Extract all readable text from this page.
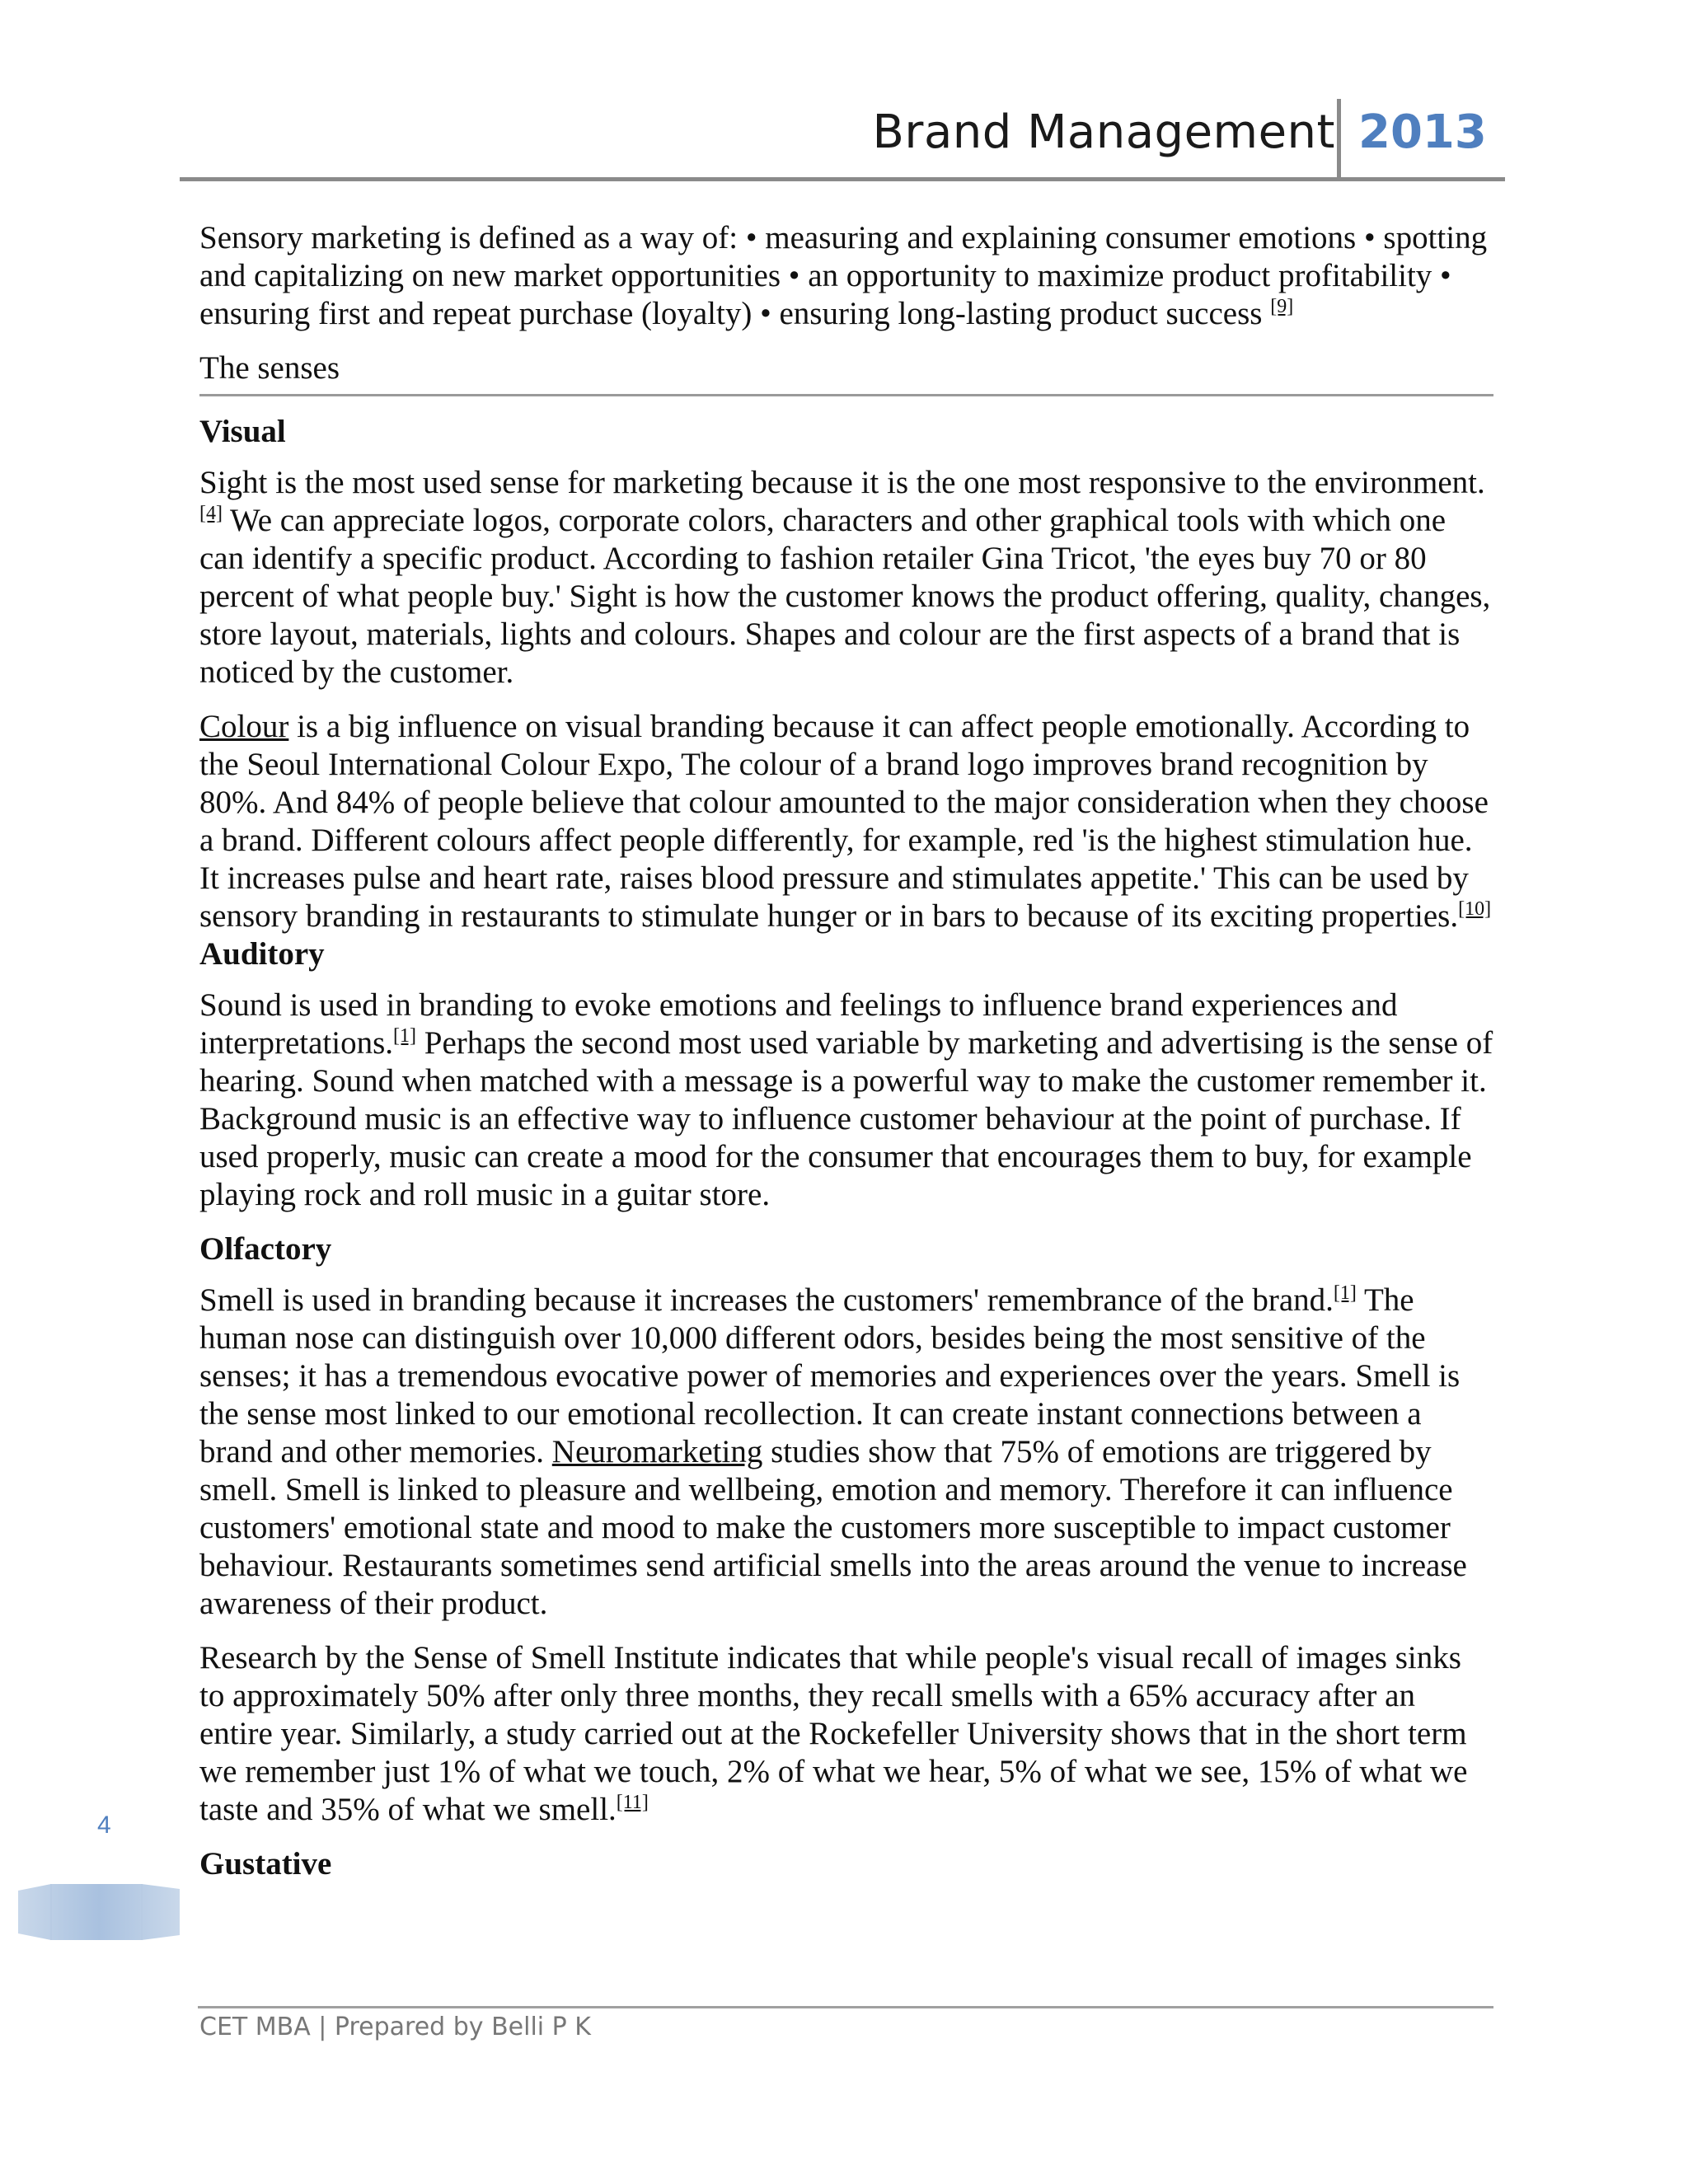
Brand Management 2013

Sensory marketing is defined as a way of: • measuring and explaining consumer emotions • spotting and capitalizing on new market opportunities • an opportunity to maximize product profitability • ensuring first and repeat purchase (loyalty) • ensuring long-lasting product success [9]

The senses

Visual

Sight is the most used sense for marketing because it is the one most responsive to the environment.[4] We can appreciate logos, corporate colors, characters and other graphical tools with which one can identify a specific product. According to fashion retailer Gina Tricot, 'the eyes buy 70 or 80 percent of what people buy.' Sight is how the customer knows the product offering, quality, changes, store layout, materials, lights and colours. Shapes and colour are the first aspects of a brand that is noticed by the customer.

Colour is a big influence on visual branding because it can affect people emotionally. According to the Seoul International Colour Expo, The colour of a brand logo improves brand recognition by 80%. And 84% of people believe that colour amounted to the major consideration when they choose a brand. Different colours affect people differently, for example, red 'is the highest stimulation hue. It increases pulse and heart rate, raises blood pressure and stimulates appetite.' This can be used by sensory branding in restaurants to stimulate hunger or in bars to because of its exciting properties.[10]

Auditory

Sound is used in branding to evoke emotions and feelings to influence brand experiences and interpretations.[1] Perhaps the second most used variable by marketing and advertising is the sense of hearing. Sound when matched with a message is a powerful way to make the customer remember it. Background music is an effective way to influence customer behaviour at the point of purchase. If used properly, music can create a mood for the consumer that encourages them to buy, for example playing rock and roll music in a guitar store.

Olfactory

Smell is used in branding because it increases the customers' remembrance of the brand.[1] The human nose can distinguish over 10,000 different odors, besides being the most sensitive of the senses; it has a tremendous evocative power of memories and experiences over the years. Smell is the sense most linked to our emotional recollection. It can create instant connections between a brand and other memories. Neuromarketing studies show that 75% of emotions are triggered by smell. Smell is linked to pleasure and wellbeing, emotion and memory. Therefore it can influence customers' emotional state and mood to make the customers more susceptible to impact customer behaviour. Restaurants sometimes send artificial smells into the areas around the venue to increase awareness of their product.

Research by the Sense of Smell Institute indicates that while people's visual recall of images sinks to approximately 50% after only three months, they recall smells with a 65% accuracy after an entire year. Similarly, a study carried out at the Rockefeller University shows that in the short term we remember just 1% of what we touch, 2% of what we hear, 5% of what we see, 15% of what we taste and 35% of what we smell.[11]

Gustative
4
CET MBA | Prepared by Belli P K
